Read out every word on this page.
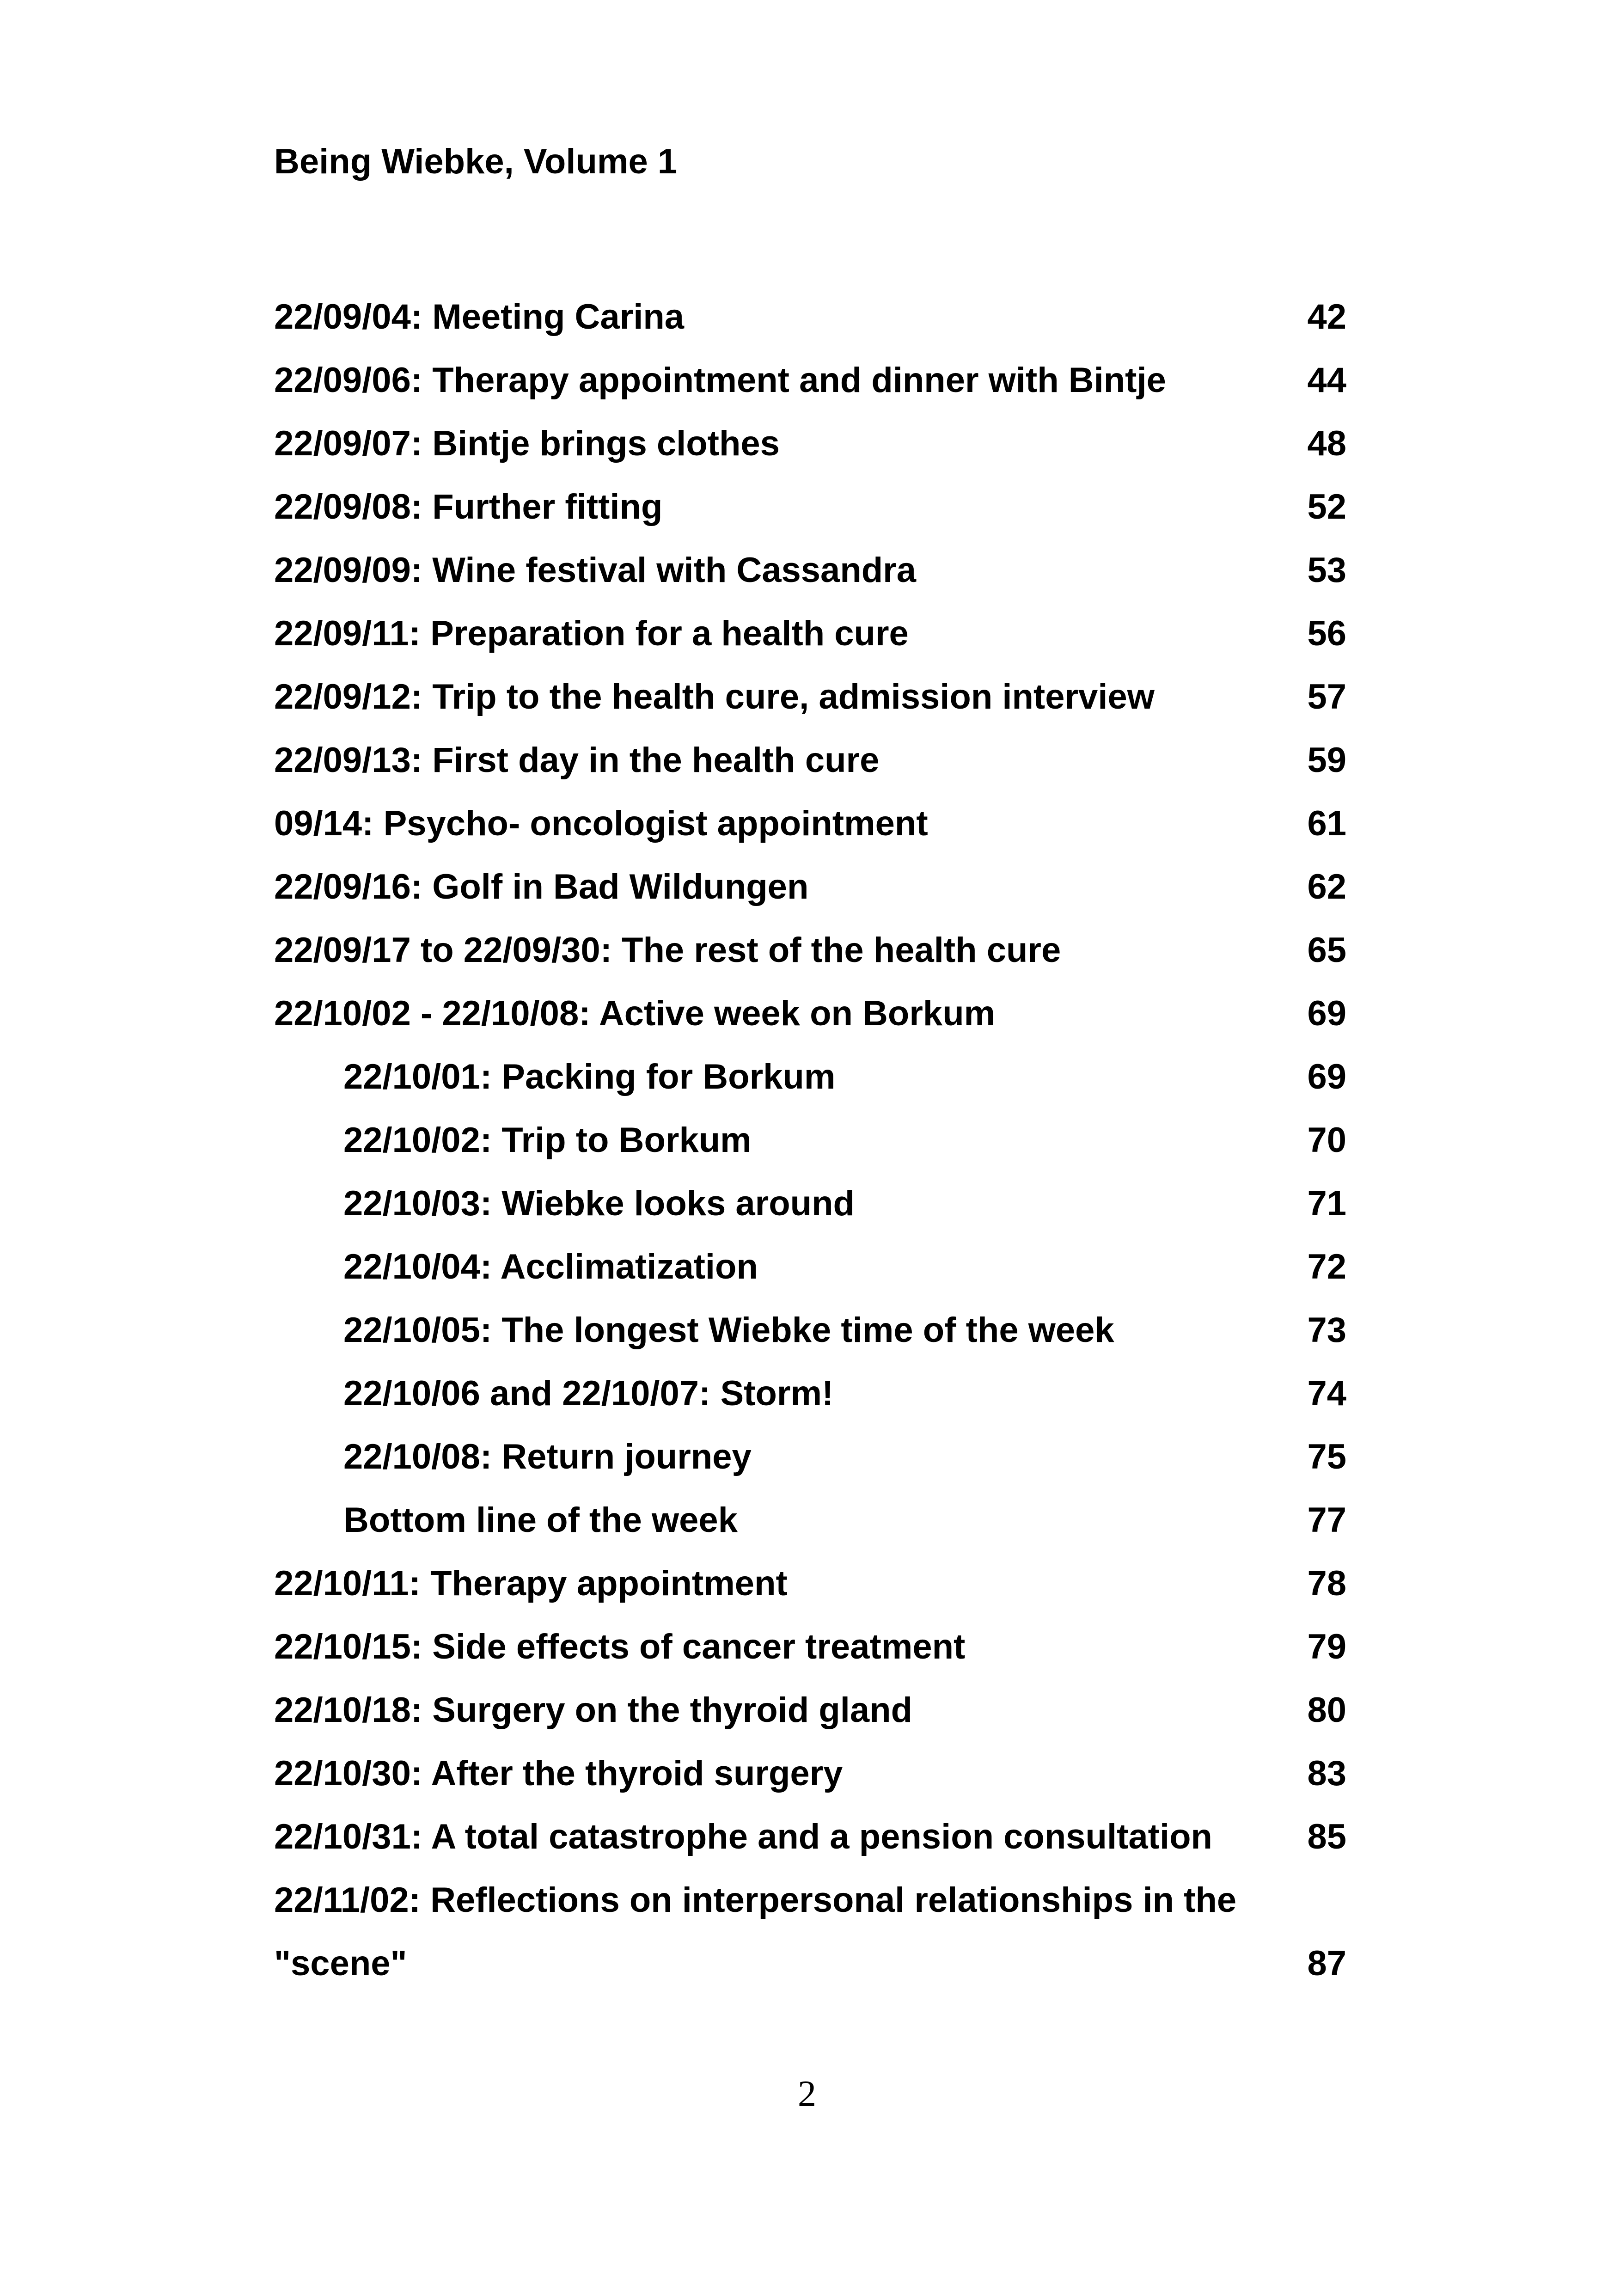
Being Wiebke, Volume 1
22/09/04: Meeting Carina	42
22/09/06: Therapy appointment and dinner with Bintje	44
22/09/07: Bintje brings clothes	48
22/09/08: Further fitting	52
22/09/09: Wine festival with Cassandra	53
22/09/11: Preparation for a health cure	56
22/09/12: Trip to the health cure, admission interview	57
22/09/13: First day in the health cure	59
09/14: Psycho- oncologist appointment	61
22/09/16: Golf in Bad Wildungen	62
22/09/17 to 22/09/30: The rest of the health cure	65
22/10/02 - 22/10/08: Active week on Borkum	69
22/10/01: Packing for Borkum	69
22/10/02: Trip to Borkum	70
22/10/03: Wiebke looks around	71
22/10/04: Acclimatization	72
22/10/05: The longest Wiebke time of the week	73
22/10/06 and 22/10/07: Storm!	74
22/10/08: Return journey	75
Bottom line of the week	77
22/10/11: Therapy appointment	78
22/10/15: Side effects of cancer treatment	79
22/10/18: Surgery on the thyroid gland	80
22/10/30: After the thyroid surgery	83
22/10/31: A total catastrophe and a pension consultation	85
22/11/02: Reflections on interpersonal relationships in the
"scene"	87
2
